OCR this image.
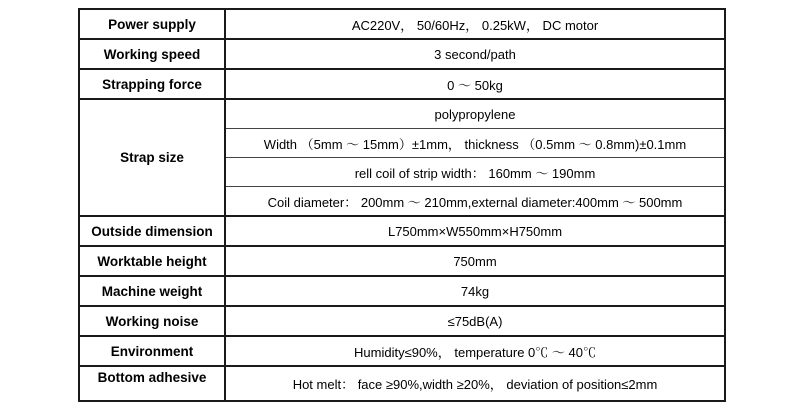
Power supply	AC220V， 50/60Hz， 0.25kW， DC motor
Working speed	3 second/path
Strapping force	0 ～ 50kg
Strap size	polypropylene
	Width （5mm ～ 15mm）±1mm， thickness （0.5mm ～ 0.8mm)±0.1mm
	rell coil of strip width： 160mm ～ 190mm
	Coil diameter： 200mm ～ 210mm,external diameter:400mm ～ 500mm
Outside dimension	L750mm×W550mm×H750mm
Worktable height	750mm
Machine weight	74kg
Working noise	≤75dB(A)
Environment	Humidity≤90%， temperature 0℃ ～ 40℃
Bottom adhesive	Hot melt： face ≥90%,width ≥20%， deviation of position≤2mm
